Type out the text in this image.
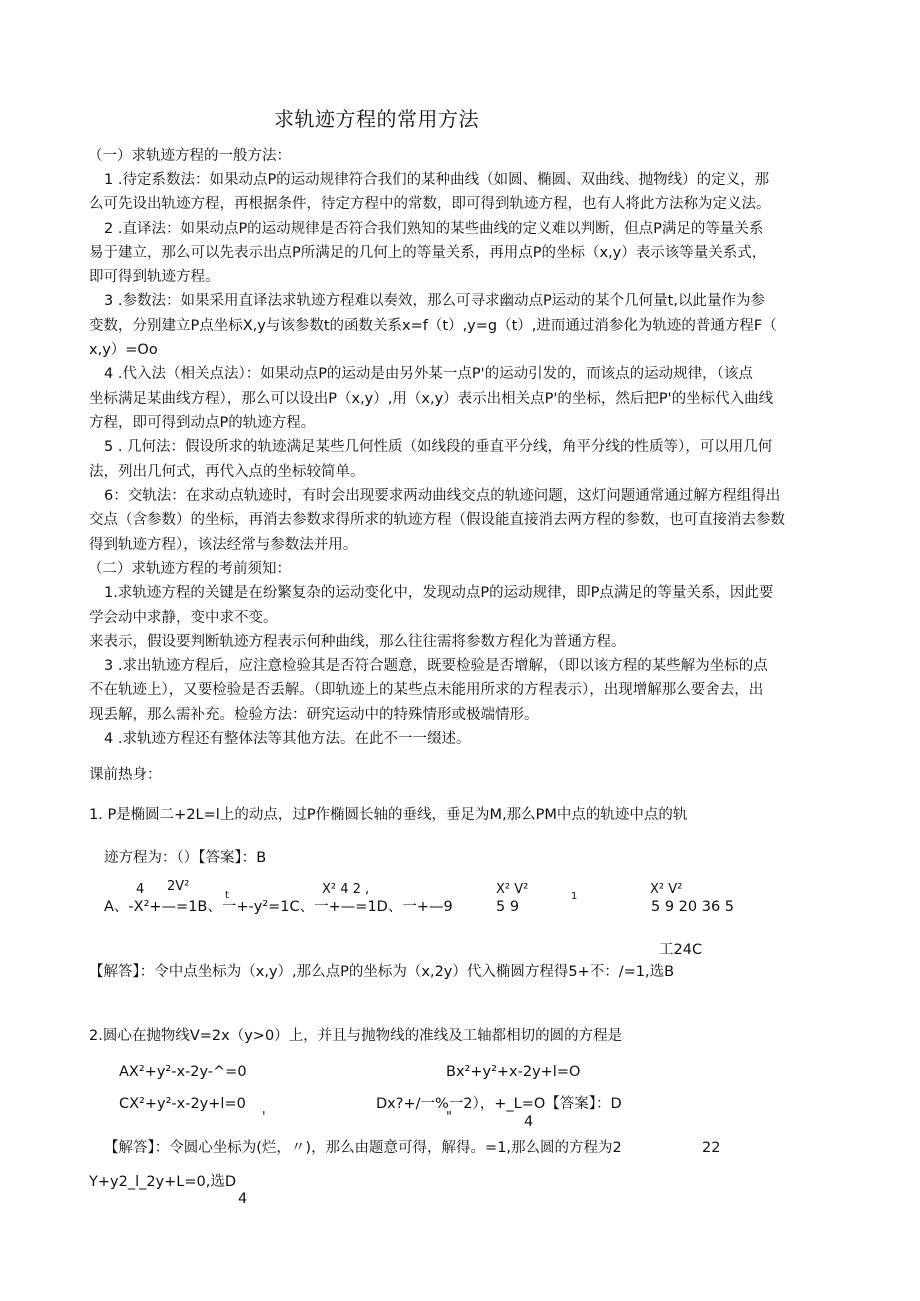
求轨迹方程的常用方法
（一）求轨迹方程的一般方法：
1 .待定系数法：如果动点P的运动规律符合我们的某种曲线（如圆、椭圆、双曲线、抛物线）的定义，那
么可先设出轨迹方程，再根据条件，待定方程中的常数，即可得到轨迹方程，也有人将此方法称为定义法。
2 .直译法：如果动点P的运动规律是否符合我们熟知的某些曲线的定义难以判断，但点P满足的等量关系
易于建立，那么可以先表示出点P所满足的几何上的等量关系，再用点P的坐标（x,y）表示该等量关系式，
即可得到轨迹方程。
3 .参数法：如果采用直译法求轨迹方程难以奏效，那么可寻求幽动点P运动的某个几何量t,以此量作为参
变数，分别建立P点坐标X,y与该参数t的函数关系x=f（t）,y=g（t）,进而通过消参化为轨迹的普通方程F（
x,y）=Oo
4 .代入法（相关点法）：如果动点P的运动是由另外某一点P'的运动引发的，而该点的运动规律，（该点
坐标满足某曲线方程），那么可以设出P（x,y）,用（x,y）表示出相关点P'的坐标，然后把P'的坐标代入曲线
方程，即可得到动点P的轨迹方程。
5 . 几何法：假设所求的轨迹满足某些几何性质（如线段的垂直平分线，角平分线的性质等），可以用几何
法，列出几何式，再代入点的坐标较简单。
6：交轨法：在求动点轨迹时，有时会出现要求两动曲线交点的轨迹问题，这灯问题通常通过解方程组得出
交点（含参数）的坐标，再消去参数求得所求的轨迹方程（假设能直接消去两方程的参数，也可直接消去参数
得到轨迹方程），该法经常与参数法并用。
（二）求轨迹方程的考前须知：
1.求轨迹方程的关键是在纷繁复杂的运动变化中，发现动点P的运动规律，即P点满足的等量关系，因此要
学会动中求静，变中求不变。
来表示，假设要判断轨迹方程表示何种曲线，那么往往需将参数方程化为普通方程。
3 .求出轨迹方程后，应注意检验其是否符合题意，既要检验是否增解，（即以该方程的某些解为坐标的点
不在轨迹上），又要检验是否丢解。（即轨迹上的某些点未能用所求的方程表示），出现增解那么要舍去，出
现丢解，那么需补充。检验方法：研究运动中的特殊情形或极端情形。
4 .求轨迹方程还有整体法等其他方法。在此不一一缀述。
课前热身：
1. P是椭圆二+2L=l上的动点，过P作椭圆长轴的垂线，垂足为M,那么PM中点的轨迹中点的轨
迹方程为：（）【答案】：B
4 2V²
t	X² 4 2 ,	X² V²	1	X² V²
A、-X²+—=1B、一+-y²=1C、一+—=1D、一+—9	5 9	5 9 20 36 5
工24C
【解答】：令中点坐标为（x,y）,那么点P的坐标为（x,2y）代入椭圆方程得5+不：/=1,选B
2.圆心在抛物线V=2x（y>0）上，并且与抛物线的准线及工轴都相切的圆的方程是
AX²+y²-x-2y-^=0	Bx²+y²+x-2y+l=O
CX²+y²-x-2y+l=0
'
Dx?+/一%一2），+_L=O【答案】：D
"	4
【解答】：令圆心坐标为(烂，〃)，那么由题意可得，解得。=1,那么圆的方程为2	22
Y+y2_l_2y+L=0,选D
4
